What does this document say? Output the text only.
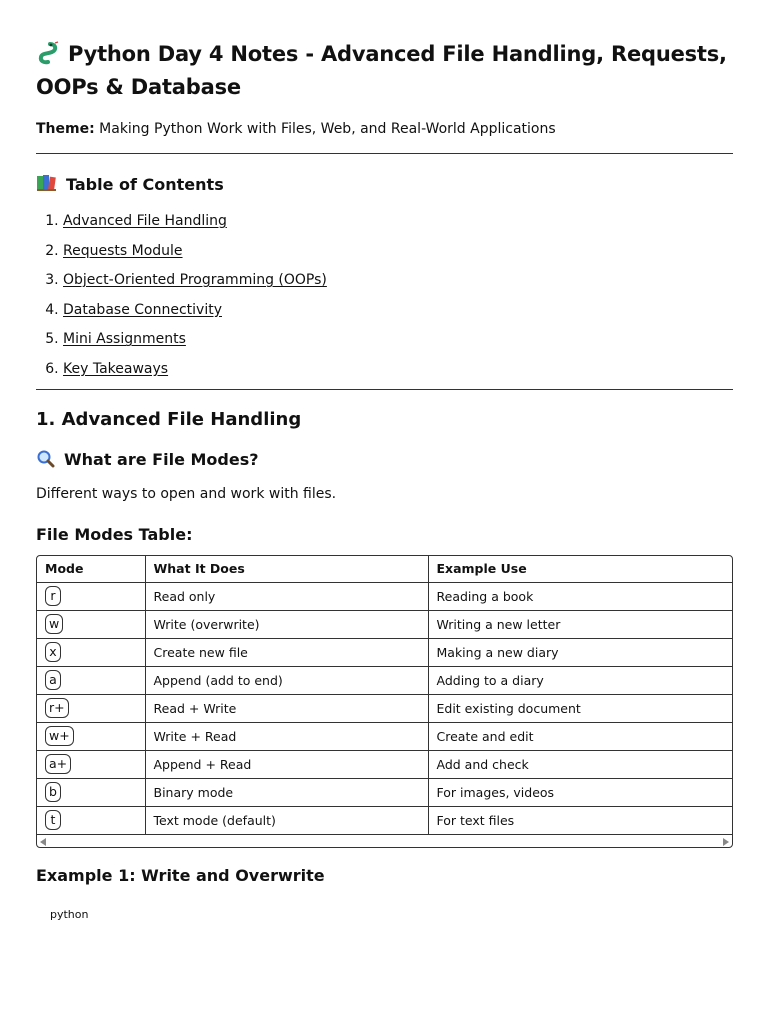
Python Day 4 Notes - Advanced File Handling, Requests, OOPs & Database
Theme: Making Python Work with Files, Web, and Real-World Applications
Table of Contents
1. Advanced File Handling
2. Requests Module
3. Object-Oriented Programming (OOPs)
4. Database Connectivity
5. Mini Assignments
6. Key Takeaways
1. Advanced File Handling
What are File Modes?

Different ways to open and work with files.

File Modes Table:
Mode	What It Does	Example Use
r	Read only	Reading a book
w	Write (overwrite)	Writing a new letter
x	Create new file	Making a new diary
a	Append (add to end)	Adding to a diary
r+	Read + Write	Edit existing document
w+	Write + Read	Create and edit
a+	Append + Read	Add and check
b	Binary mode	For images, videos
t	Text mode (default)	For text files
Example 1: Write and Overwrite
python
